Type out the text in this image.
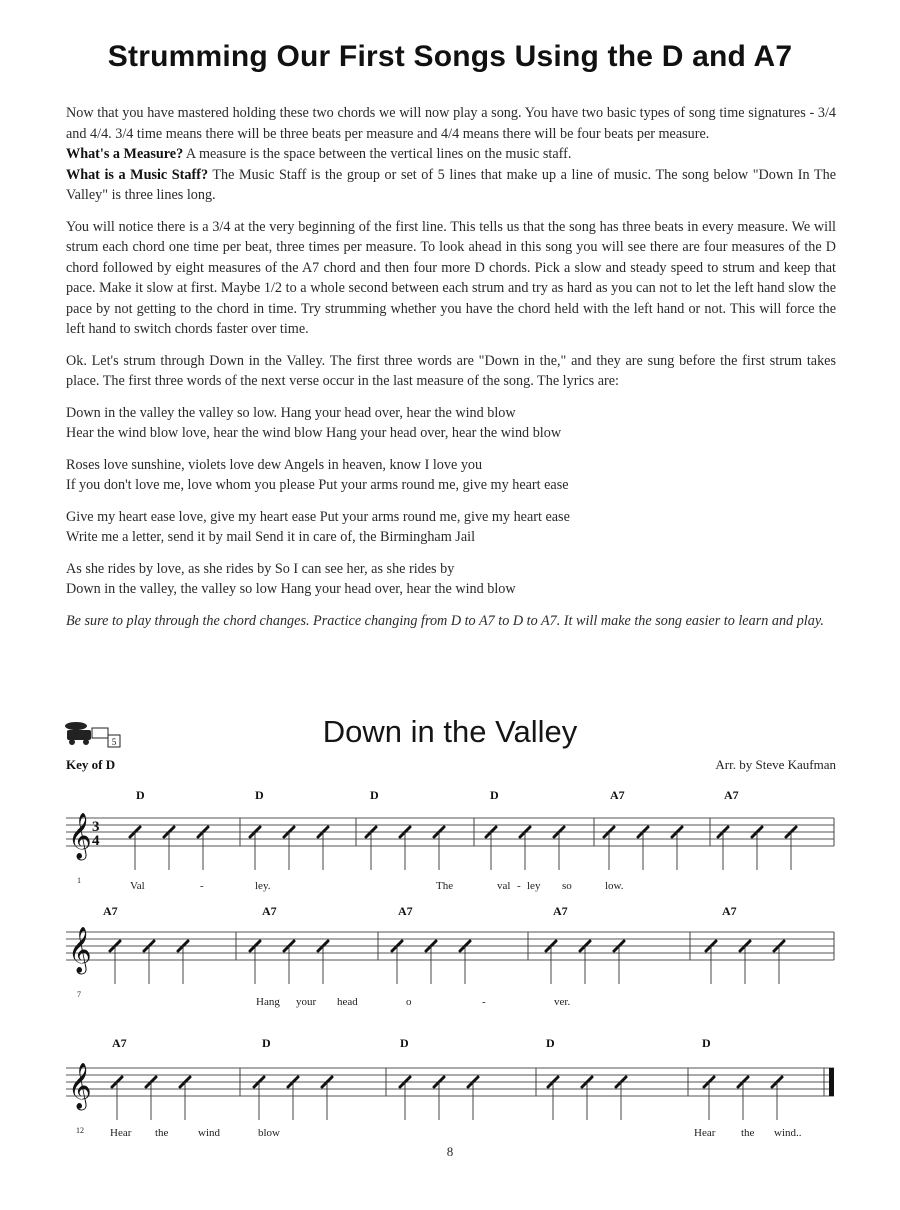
Strumming Our First Songs Using the D and A7

Now that you have mastered holding these two chords we will now play a song. You have two basic types of song time signatures - 3/4 and 4/4. 3/4 time means there will be three beats per measure and 4/4 means there will be four beats per measure.

What's a Measure? A measure is the space between the vertical lines on the music staff.

What is a Music Staff? The Music Staff is the group or set of 5 lines that make up a line of music. The song below "Down In The Valley" is three lines long.

You will notice there is a 3/4 at the very beginning of the first line. This tells us that the song has three beats in every measure. We will strum each chord one time per beat, three times per measure. To look ahead in this song you will see there are four measures of the D chord followed by eight measures of the A7 chord and then four more D chords. Pick a slow and steady speed to strum and keep that pace. Make it slow at first. Maybe 1/2 to a whole second between each strum and try as hard as you can not to let the left hand slow the pace by not getting to the chord in time. Try strumming whether you have the chord held with the left hand or not. This will force the left hand to switch chords faster over time.

Ok. Let's strum through Down in the Valley. The first three words are "Down in the," and they are sung before the first strum takes place. The first three words of the next verse occur in the last measure of the song. The lyrics are:

Down in the valley the valley so low. Hang your head over, hear the wind blow

Hear the wind blow love, hear the wind blow Hang your head over, hear the wind blow

Roses love sunshine, violets love dew Angels in heaven, know I love you

If you don't love me, love whom you please Put your arms round me, give my heart ease

Give my heart ease love, give my heart ease Put your arms round me, give my heart ease

Write me a letter, send it by mail Send it in care of, the Birmingham Jail

As she rides by love, as she rides by So I can see her, as she rides by

Down in the valley, the valley so low Hang your head over, hear the wind blow

Be sure to play through the chord changes. Practice changing from D to A7 to D to A7. It will make the song easier to learn and play.

5	Down in the Valley
Key of D	Arr. by Steve Kaufman
𝄞 3
4
1
D	D	D	D	A7	A7
Val	-	ley.	The	val - ley so	low.
𝄞
7
A7	A7	A7	A7	A7
Hang your head	o	-	ver.
𝄞
12
A7	D	D	D	D
Hear the	wind	blow	Hear the wind..
8
